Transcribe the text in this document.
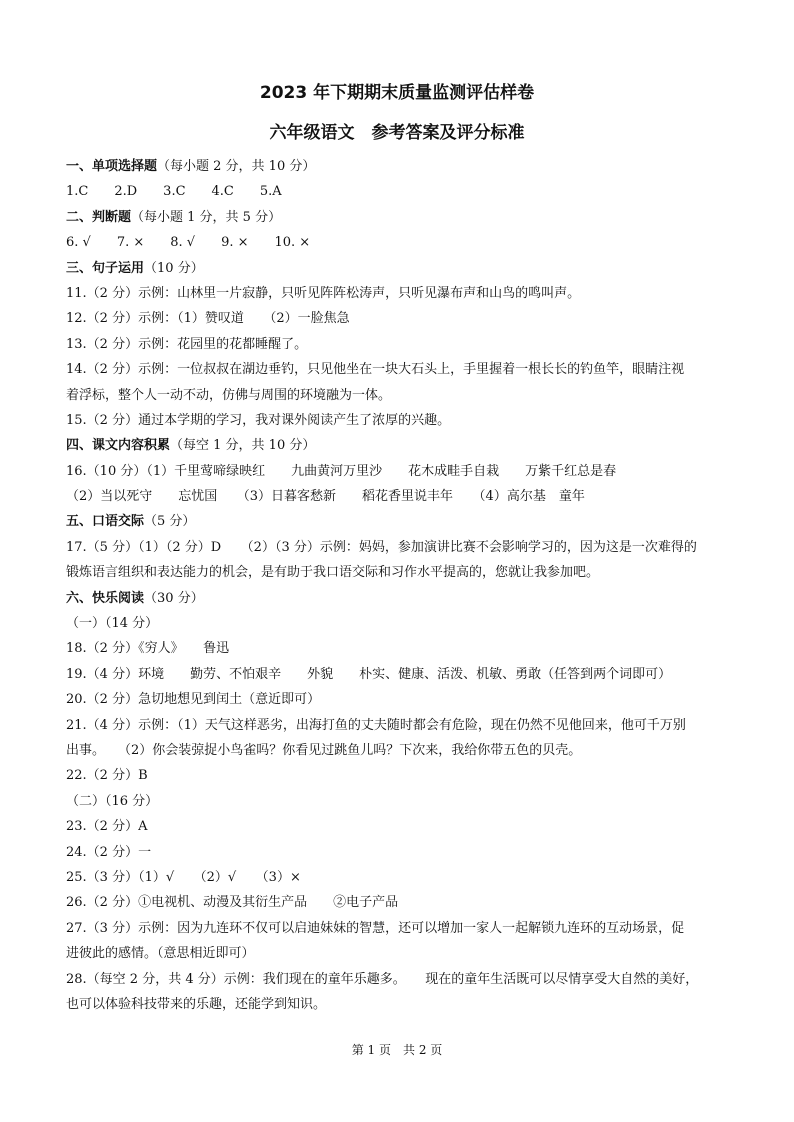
2023 年下期期末质量监测评估样卷
六年级语文　参考答案及评分标准
一、单项选择题（每小题 2 分，共 10 分）
1.C　　2.D　　3.C　　4.C　　5.A
二、判断题（每小题 1 分，共 5 分）
6. √　　7. ×　　8. √　　9. ×　　10. ×
三、句子运用（10 分）
11.（2 分）示例：山林里一片寂静，只听见阵阵松涛声，只听见瀑布声和山鸟的鸣叫声。
12.（2 分）示例：（1）赞叹道　　（2）一脸焦急
13.（2 分）示例：花园里的花都睡醒了。
14.（2 分）示例：一位叔叔在湖边垂钓，只见他坐在一块大石头上，手里握着一根长长的钓鱼竿，眼睛注视
着浮标，整个人一动不动，仿佛与周围的环境融为一体。
15.（2 分）通过本学期的学习，我对课外阅读产生了浓厚的兴趣。
四、课文内容积累（每空 1 分，共 10 分）
16.（10 分）（1）千里莺啼绿映红　　九曲黄河万里沙　　花木成畦手自栽　　万紫千红总是春
（2）当以死守　　忘忧国　　（3）日暮客愁新　　稻花香里说丰年　　（4）高尔基　童年
五、口语交际（5 分）
17.（5 分）（1）（2 分）D　　（2）（3 分）示例：妈妈，参加演讲比赛不会影响学习的，因为这是一次难得的
锻炼语言组织和表达能力的机会，是有助于我口语交际和习作水平提高的，您就让我参加吧。
六、快乐阅读（30 分）
（一）（14 分）
18.（2 分）《穷人》　　鲁迅
19.（4 分）环境　　勤劳、不怕艰辛　　外貌　　朴实、健康、活泼、机敏、勇敢（任答到两个词即可）
20.（2 分）急切地想见到闰土（意近即可）
21.（4 分）示例：（1）天气这样恶劣，出海打鱼的丈夫随时都会有危险，现在仍然不见他回来，他可千万别
出事。　　（2）你会装弶捉小鸟雀吗？你看见过跳鱼儿吗？下次来，我给你带五色的贝壳。
22.（2 分）B
（二）（16 分）
23.（2 分）A
24.（2 分）一
25.（3 分）（1）√　　（2）√　　（3）×
26.（2 分）①电视机、动漫及其衍生产品　　②电子产品
27.（3 分）示例：因为九连环不仅可以启迪妹妹的智慧，还可以增加一家人一起解锁九连环的互动场景，促
进彼此的感情。（意思相近即可）
28.（每空 2 分，共 4 分）示例：我们现在的童年乐趣多。　　现在的童年生活既可以尽情享受大自然的美好，
也可以体验科技带来的乐趣，还能学到知识。
第 1 页　共 2 页
